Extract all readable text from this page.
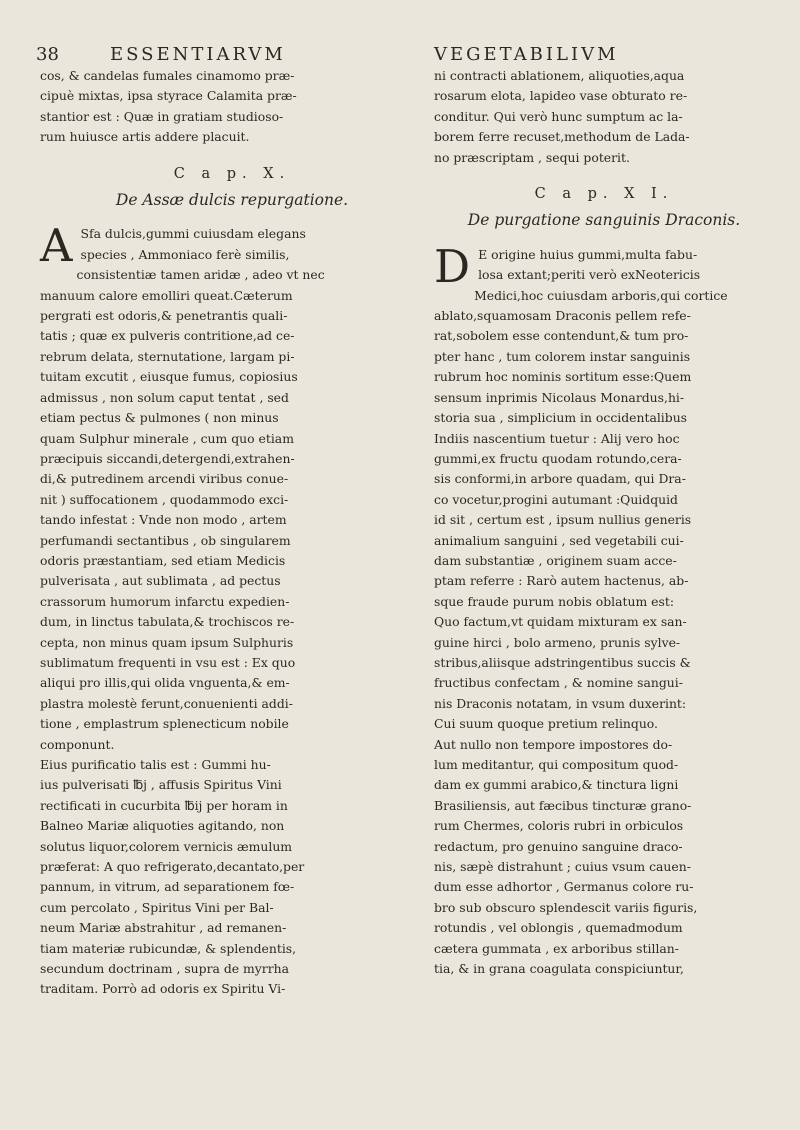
38	ESSENTIARVM	VEGETABILIVM
cos, & candelas fumales cinamomo præ-
cipuè mixtas, ipsa styrace Calamita præ-
stantior est : Quæ in gratiam studioso-
rum huiusce artis addere placuit.
C a p. X.
De Assæ dulcis repurgatione.
A Sfa dulcis,gummi cuiusdam elegans
species , Ammoniaco ferè similis,
consistentiæ tamen aridæ , adeo vt nec
manuum calore emolliri queat.Cæterum
pergrati est odoris,& penetrantis quali-
tatis ; quæ ex pulveris contritione,ad ce-
rebrum delata, sternutatione, largam pi-
tuitam excutit , eiusque fumus, copiosius
admissus , non solum caput tentat , sed
etiam pectus & pulmones ( non minus
quam Sulphur minerale , cum quo etiam
præcipuis siccandi,detergendi,extrahen-
di,& putredinem arcendi viribus conue-
nit ) suffocationem , quodammodo exci-
tando infestat : Vnde non modo , artem
perfumandi sectantibus , ob singularem
odoris præstantiam, sed etiam Medicis
pulverisata , aut sublimata , ad pectus
crassorum humorum infarctu expedien-
dum, in linctus tabulata,& trochiscos re-
cepta, non minus quam ipsum Sulphuris
sublimatum frequenti in vsu est : Ex quo
aliqui pro illis,qui olida vnguenta,& em-
plastra molestè ferunt,conuenienti addi-
tione , emplastrum splenecticum nobile
componunt.
Eius purificatio talis est : Gummi hu-
ius pulverisati ℔j , affusis Spiritus Vini
rectificati in cucurbita ℔ij per horam in
Balneo Mariæ aliquoties agitando, non
solutus liquor,colorem vernicis æmulum
præferat: A quo refrigerato,decantato,per
pannum, in vitrum, ad separationem fœ-
cum percolato , Spiritus Vini per Bal-
neum Mariæ abstrahitur , ad remanen-
tiam materiæ rubicundæ, & splendentis,
secundum doctrinam , supra de myrrha
traditam. Porrò ad odoris ex Spiritu Vi-
ni contracti ablationem, aliquoties,aqua
rosarum elota, lapideo vase obturato re-
conditur. Qui verò hunc sumptum ac la-
borem ferre recuset,methodum de Lada-
no præscriptam , sequi poterit.
C a p. X I.
De purgatione sanguinis Draconis.
D E origine huius gummi,multa fabu-
losa extant;periti verò exNeotericis
Medici,hoc cuiusdam arboris,qui cortice
ablato,squamosam Draconis pellem refe-
rat,sobolem esse contendunt,& tum pro-
pter hanc , tum colorem instar sanguinis
rubrum hoc nominis sortitum esse:Quem
sensum inprimis Nicolaus Monardus,hi-
storia sua , simplicium in occidentalibus
Indiis nascentium tuetur : Alij vero hoc
gummi,ex fructu quodam rotundo,cera-
sis conformi,in arbore quadam, qui Dra-
co vocetur,progini autumant :Quidquid
id sit , certum est , ipsum nullius generis
animalium sanguini , sed vegetabili cui-
dam substantiæ , originem suam acce-
ptam referre : Rarò autem hactenus, ab-
sque fraude purum nobis oblatum est:
Quo factum,vt quidam mixturam ex san-
guine hirci , bolo armeno, prunis sylve-
stribus,aliisque adstringentibus succis &
fructibus confectam , & nomine sangui-
nis Draconis notatam, in vsum duxerint:
Cui suum quoque pretium relinquo.
Aut nullo non tempore impostores do-
lum meditantur, qui compositum quod-
dam ex gummi arabico,& tinctura ligni
Brasiliensis, aut fæcibus tincturæ grano-
rum Chermes, coloris rubri in orbiculos
redactum, pro genuino sanguine draco-
nis, sæpè distrahunt ; cuius vsum cauen-
dum esse adhortor , Germanus colore ru-
bro sub obscuro splendescit variis figuris,
rotundis , vel oblongis , quemadmodum
cætera gummata , ex arboribus stillan-
tia, & in grana coagulata conspiciuntur,
